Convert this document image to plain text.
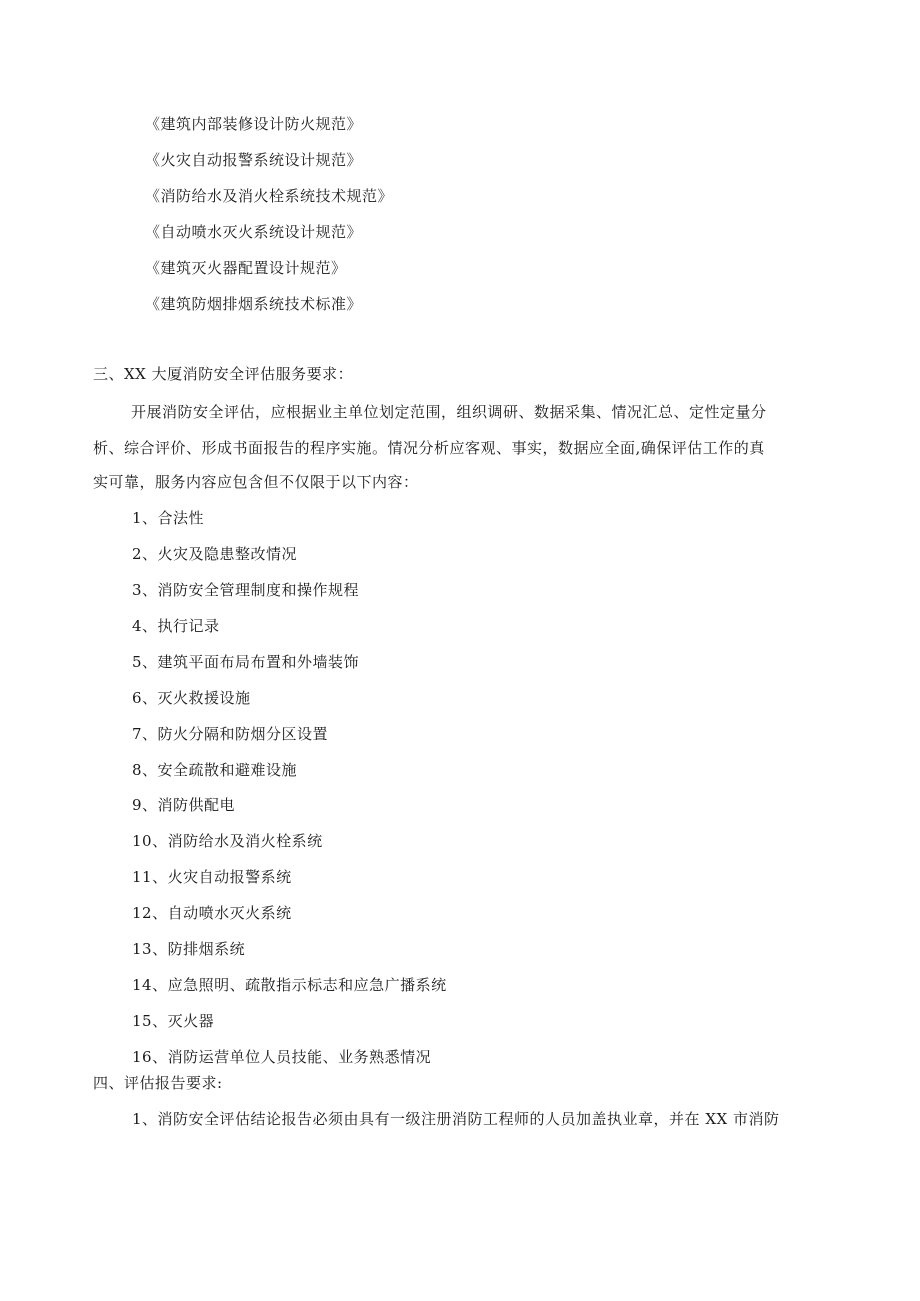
《建筑内部装修设计防火规范》
《火灾自动报警系统设计规范》
《消防给水及消火栓系统技术规范》
《自动喷水灭火系统设计规范》
《建筑灭火器配置设计规范》
《建筑防烟排烟系统技术标准》
三、XX 大厦消防安全评估服务要求：
开展消防安全评估，应根据业主单位划定范围，组织调研、数据采集、情况汇总、定性定量分
析、综合评价、形成书面报告的程序实施。情况分析应客观、事实，数据应全面,确保评估工作的真
实可靠，服务内容应包含但不仅限于以下内容：
1、合法性
2、火灾及隐患整改情况
3、消防安全管理制度和操作规程
4、执行记录
5、建筑平面布局布置和外墙装饰
6、灭火救援设施
7、防火分隔和防烟分区设置
8、安全疏散和避难设施
9、消防供配电
10、消防给水及消火栓系统
11、火灾自动报警系统
12、自动喷水灭火系统
13、防排烟系统
14、应急照明、疏散指示标志和应急广播系统
15、灭火器
16、消防运营单位人员技能、业务熟悉情况
四、评估报告要求:
1、消防安全评估结论报告必须由具有一级注册消防工程师的人员加盖执业章，并在 XX 市消防
